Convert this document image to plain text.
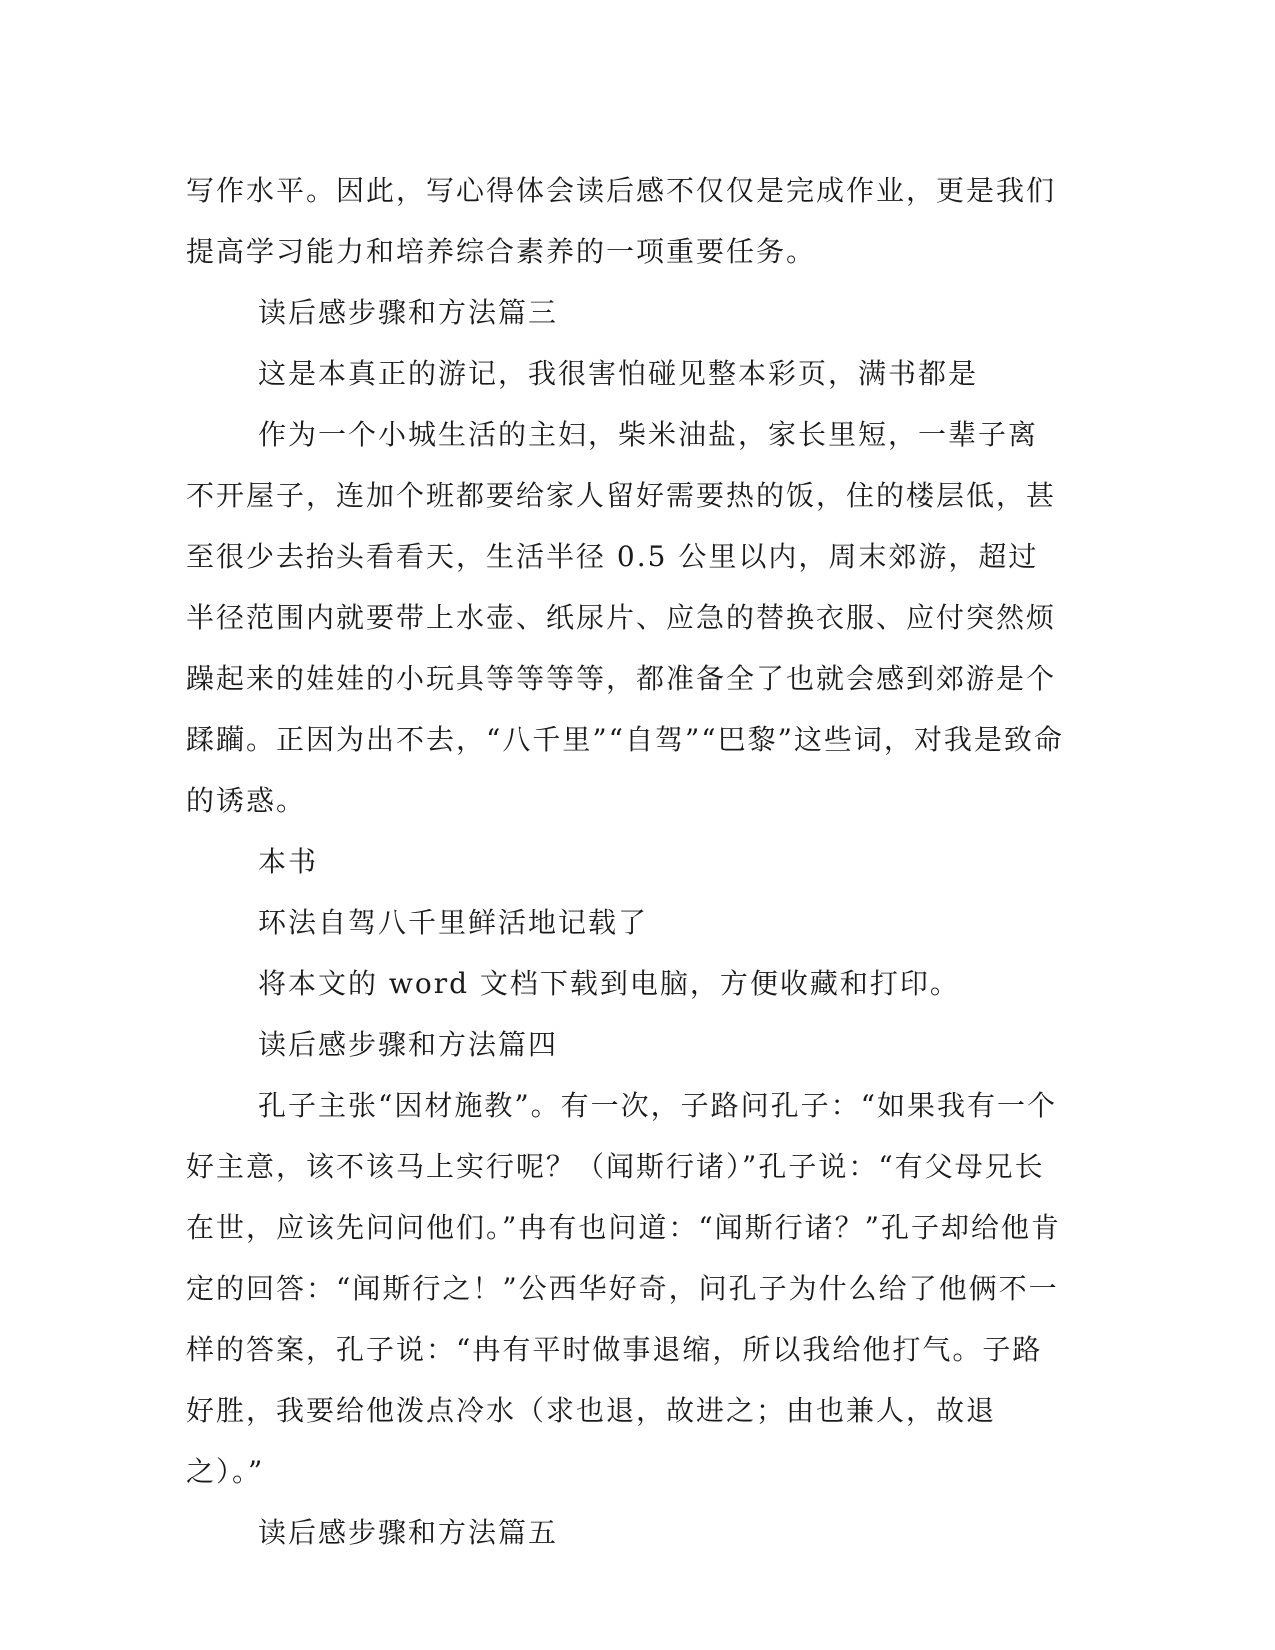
写作水平。因此，写心得体会读后感不仅仅是完成作业，更是我们提高学习能力和培养综合素养的一项重要任务。

读后感步骤和方法篇三

这是本真正的游记，我很害怕碰见整本彩页，满书都是

作为一个小城生活的主妇，柴米油盐，家长里短，一辈子离不开屋子，连加个班都要给家人留好需要热的饭，住的楼层低，甚至很少去抬头看看天，生活半径 0.5 公里以内，周末郊游，超过半径范围内就要带上水壶、纸尿片、应急的替换衣服、应付突然烦躁起来的娃娃的小玩具等等等等，都准备全了也就会感到郊游是个蹂躏。正因为出不去，“八千里”“自驾”“巴黎”这些词，对我是致命的诱惑。

本书

环法自驾八千里鲜活地记载了

将本文的 word 文档下载到电脑，方便收藏和打印。

读后感步骤和方法篇四

孔子主张“因材施教”。有一次，子路问孔子：“如果我有一个好主意，该不该马上实行呢？（闻斯行诸）”孔子说：“有父母兄长在世，应该先问问他们。”冉有也问道：“闻斯行诸？”孔子却给他肯定的回答：“闻斯行之！”公西华好奇，问孔子为什么给了他俩不一样的答案，孔子说：“冉有平时做事退缩，所以我给他打气。子路好胜，我要给他泼点冷水（求也退，故进之；由也兼人，故退之）。”

读后感步骤和方法篇五
